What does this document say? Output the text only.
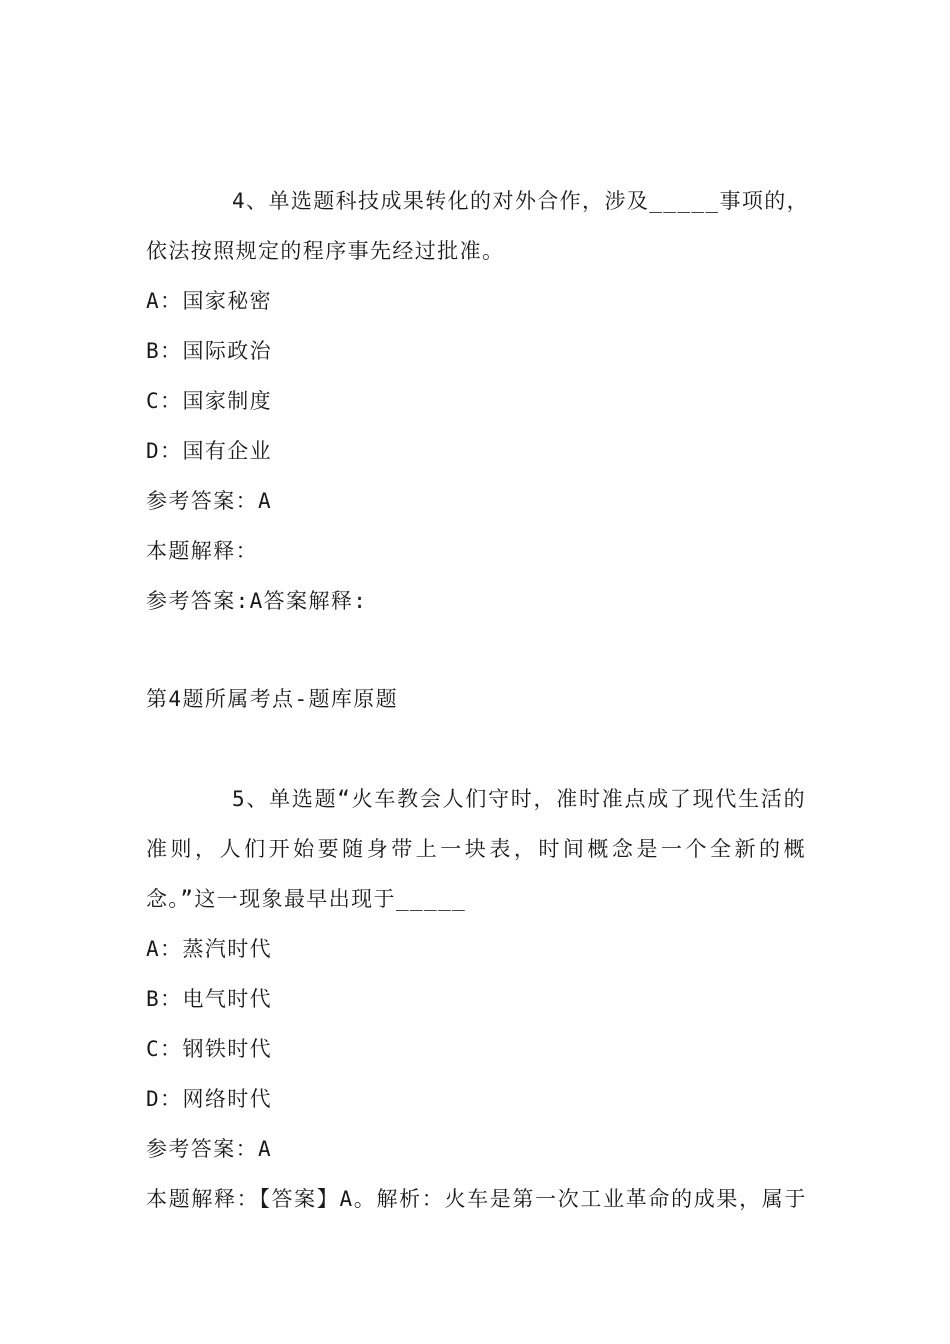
4、单选题科技成果转化的对外合作，涉及_____事项的，
依法按照规定的程序事先经过批准。
A：国家秘密
B：国际政治
C：国家制度
D：国有企业
参考答案：A
本题解释：
参考答案:A答案解释:
第4题所属考点-题库原题
5、单选题“火车教会人们守时，准时准点成了现代生活的
准则，人们开始要随身带上一块表，时间概念是一个全新的概
念。”这一现象最早出现于_____
A：蒸汽时代
B：电气时代
C：钢铁时代
D：网络时代
参考答案：A
本题解释：【答案】A。解析：火车是第一次工业革命的成果，属于
